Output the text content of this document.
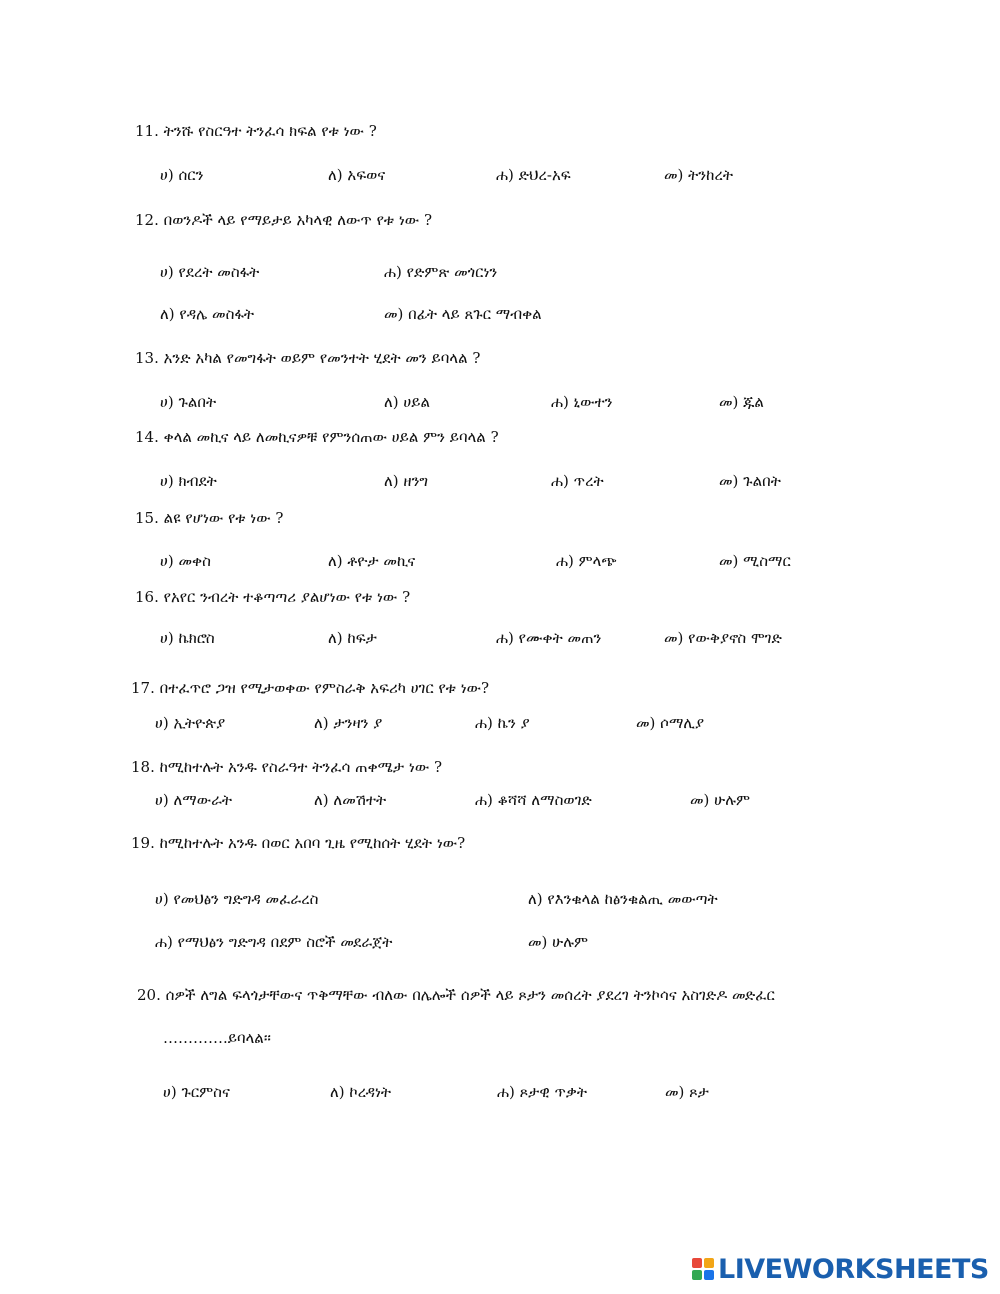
11. ትንሹ የስርዓተ ትንፈሳ ክፍል የቱ ነው ?
ሀ) ሰርን	ለ) አፍወና	ሐ) ድህረ-አፍ	መ) ትንከረት
12. በወንዶች ላይ የማይታይ አካላዊ ለውጥ የቱ ነው ?
ሀ) የደረት መስፋት	ሐ) የድምጽ መጎርነን
ለ) የዳሌ መስፋት	መ) በፊት ላይ ጸጉር ማብቀል
13. አንድ አካል የመግፋት ወይም የመንተት ሂደት መን ይባላል ?
ሀ) ጉልበት	ለ) ሀይል	ሐ) ኒውተን	መ) ጁል
14. ቀላል መኪና ላይ ለመኪናዎቹ የምንሰጠው ሀይል ምን ይባላል ?
ሀ) ክብደት	ለ) ዘንግ	ሐ) ጥረት	መ) ጉልበት
15. ልዩ የሆነው የቱ ነው ?
ሀ) መቀስ	ለ) ቶዮታ መኪና	ሐ) ምላጭ	መ) ሚስማር
16. የአየር ንብረት ተቆጣጣሪ ያልሆነው የቱ ነው ?
ሀ) ኬክሮስ	ለ) ከፍታ	ሐ) የሙቀት መጠን	መ) የውቅያኖስ ሞገድ
17. በተፈጥሮ ጋዝ የሚታወቀው የምስራቅ አፍሪካ ሀገር የቱ ነው?
ሀ) ኢትዮጵያ	ለ) ታንዛን ያ	ሐ) ኬን ያ	መ) ሶማሊያ
18. ከሚከተሉት አንዱ የስራዓተ ትንፈሳ ጠቀሜታ ነው ?
ሀ) ለማውራት	ለ) ለመሽተት	ሐ) ቆሻሻ ለማስወገድ	መ) ሁሉም
19. ከሚከተሉት አንዱ በወር አበባ ጊዜ የሚከሰት ሂደት ነው?
ሀ) የመህፅን ግድግዳ መፈራረስ	ለ) የእንቁላል ከፅንቁልጢ መውጣት
ሐ) የማህፅን ግድግዳ በደም ስሮች መደራጀት	መ) ሁሉም
20. ሰዎች ለግል ፍላጎታቸውና ጥቅማቸው ብለው በሌሎች ሰዎች ላይ ጾታን መሰረት ያደረገ ትንኮሳና አስገድዶ መድፈር
………….ይባላል፡፡
ሀ) ጉርምስና	ለ) ኮረዳነት	ሐ) ጾታዊ ጥቃት	መ) ጾታ
LIVEWORKSHEETS
